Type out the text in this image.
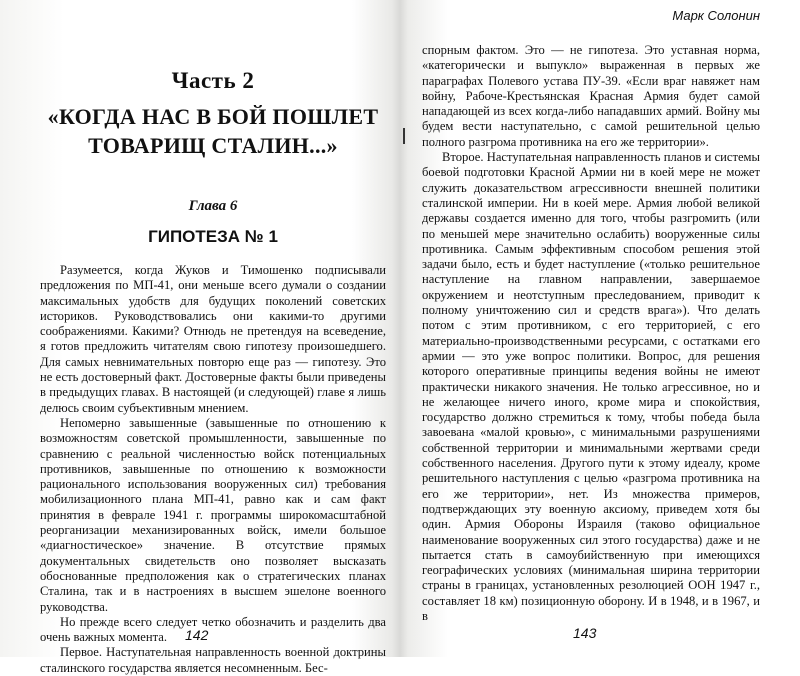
Часть 2
«КОГДА НАС В БОЙ ПОШЛЕТ
ТОВАРИЩ СТАЛИН...»
Глава 6
ГИПОТЕЗА № 1

Разумеется, когда Жуков и Тимошенко подписывали предложения по МП-41, они меньше всего думали о создании максимальных удобств для будущих поколений советских историков. Руководствовались они какими-то другими соображениями. Какими? Отнюдь не претендуя на всеведение, я готов предложить читателям свою гипотезу произошедшего. Для самых невнимательных повторю еще раз — гипотезу. Это не есть достоверный факт. Достоверные факты были приведены в предыдущих главах. В настоящей (и следующей) главе я лишь делюсь своим субъективным мнением.

Непомерно завышенные (завышенные по отношению к возможностям советской промышленности, завышенные по сравнению с реальной численностью войск потенциальных противников, завышенные по отношению к возможности рационального использования вооруженных сил) требования мобилизационного плана МП-41, равно как и сам факт принятия в феврале 1941 г. программы широкомасштабной реорганизации механизированных войск, имели большое «диагностическое» значение. В отсутствие прямых документальных свидетельств оно позволяет высказать обоснованные предположения как о стратегических планах Сталина, так и в настроениях в высшем эшелоне военного руководства.

Но прежде всего следует четко обозначить и разделить два очень важных момента.

Первое. Наступательная направленность военной доктрины сталинского государства является несомненным. Бес-

142
Марк Солонин

спорным фактом. Это — не гипотеза. Это уставная норма, «категорически и выпукло» выраженная в первых же параграфах Полевого устава ПУ-39. «Если враг навяжет нам войну, Рабоче-Крестьянская Красная Армия будет самой нападающей из всех когда-либо нападавших армий. Войну мы будем вести наступательно, с самой решительной целью полного разгрома противника на его же территории».

Второе. Наступательная направленность планов и системы боевой подготовки Красной Армии ни в коей мере не может служить доказательством агрессивности внешней политики сталинской империи. Ни в коей мере. Армия любой великой державы создается именно для того, чтобы разгромить (или по меньшей мере значительно ослабить) вооруженные силы противника. Самым эффективным способом решения этой задачи было, есть и будет наступление («только решительное наступление на главном направлении, завершаемое окружением и неотступным преследованием, приводит к полному уничтожению сил и средств врага»). Что делать потом с этим противником, с его территорией, с его материально-производственными ресурсами, с остатками его армии — это уже вопрос политики. Вопрос, для решения которого оперативные принципы ведения войны не имеют практически никакого значения. Не только агрессивное, но и не желающее ничего иного, кроме мира и спокойствия, государство должно стремиться к тому, чтобы победа была завоевана «малой кровью», с минимальными разрушениями собственной территории и минимальными жертвами среди собственного населения. Другого пути к этому идеалу, кроме решительного наступления с целью «разгрома противника на его же территории», нет. Из множества примеров, подтверждающих эту военную аксиому, приведем хотя бы один. Армия Обороны Израиля (таково официальное наименование вооруженных сил этого государства) даже и не пытается стать в самоубийственную при имеющихся географических условиях (минимальная ширина территории страны в границах, установленных резолюцией ООН 1947 г., составляет 18 км) позиционную оборону. И в 1948, и в 1967, и в

143
